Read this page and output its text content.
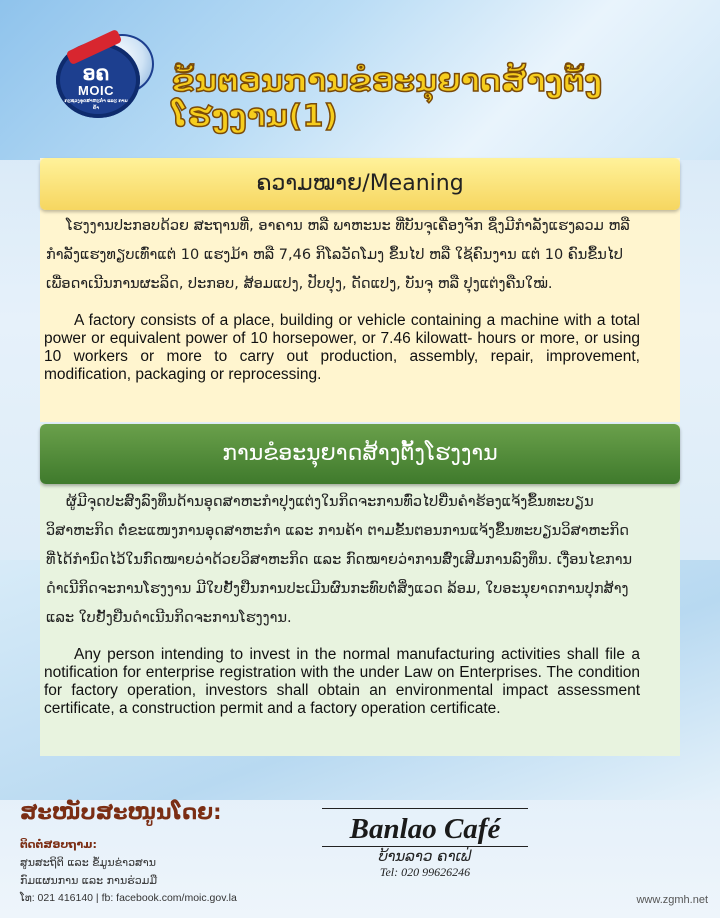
ອຄ
MOIC
ກະຊວງອຸດສາຫະກຳ ແລະ ການຄ້າ
ຂັ້ນຕອນການຂໍອະນຸຍາດສ້າງຕັ້ງໂຮງງານ(1)
ຄວາມໝາຍ/Meaning
ໂຮງງານປະກອບດ້ວຍ ສະຖານທີ່, ອາຄານ ຫລື ພາຫະນະ ທີ່ບັນຈຸເຄື່ອງຈັກ ຊຶ່ງມີກຳລັງແຮງລວມ ຫລື ກຳລັງແຮງທຽບເທົ່າແຕ່ 10 ແຮງມ້າ ຫລື 7,46 ກິໂລວັດໂມງ ຂຶ້ນໄປ ຫລື ໃຊ້ຄົນງານ ແຕ່ 10 ຄົນຂຶ້ນໄປ ເພື່ອດາເນີນການຜະລິດ, ປະກອບ, ສ້ອມແປງ, ປັບປຸງ, ດັດແປງ, ບັນຈຸ ຫລື ປຸງແຕ່ງຄືນໃໝ່.
A factory consists of a place, building or vehicle containing a machine with a total power or equivalent power of 10 horsepower, or 7.46 kilowatt- hours or more, or using 10 workers or more to carry out production, assembly, repair, improvement, modification, packaging or reprocessing.
ການຂໍອະນຸຍາດສ້າງຕັ້ງໂຮງງານ
ຜູ້ມີຈຸດປະສົງລົງທຶນດ້ານອຸດສາຫະກຳປຸງແຕ່ງໃນກິດຈະການທົ່ວໄປຍື່ນຄຳຮ້ອງແຈ້ງຂຶ້ນທະບຽນວິສາຫະກິດ ຕໍ່ຂະແໜງການອຸດສາຫະກຳ ແລະ ການຄ້າ ຕາມຂັ້ນຕອນການແຈ້ງຂຶ້ນທະບຽນວິສາຫະກິດ ທີ່ໄດ້ກຳນົດໄວ້ໃນກົດໝາຍວ່າດ້ວຍວິສາຫະກິດ ແລະ ກົດໝາຍວ່າການສົ່ງເສີມການລົງທຶນ. ເງື່ອນໄຂການດຳເນີກິດຈະການໂຮງງານ ມີໃບຢັ້ງຢືນການປະເມີນຜົນກະທົບຕໍ່ສິ່ງແວດ ລ້ອມ, ໃບອະນຸຍາດການປຸກສ້າງ ແລະ ໃບຢັ້ງຢືນດຳເນີນກິດຈະການໂຮງງານ.
Any person intending to invest in the normal manufacturing activities shall file a notification for enterprise registration with the under Law on Enterprises. The condition for factory operation, investors shall obtain an environmental impact assessment certificate, a construction permit and a factory operation certificate.
ສະໜັບສະໜູນໂດຍ:
ຕິດຕໍ່ສອບຖາມ:
ສູນສະຖິຕິ ແລະ ຂໍ້ມູນຂ່າວສານ
ກົມແຜນການ ແລະ ການຮ່ວມມື
ໂທ: 021 416140 | fb: facebook.com/moic.gov.la
Banlao Café
ບ້ານລາວ ຄາເຟ່
Tel: 020 99626246
www.zgmh.net
